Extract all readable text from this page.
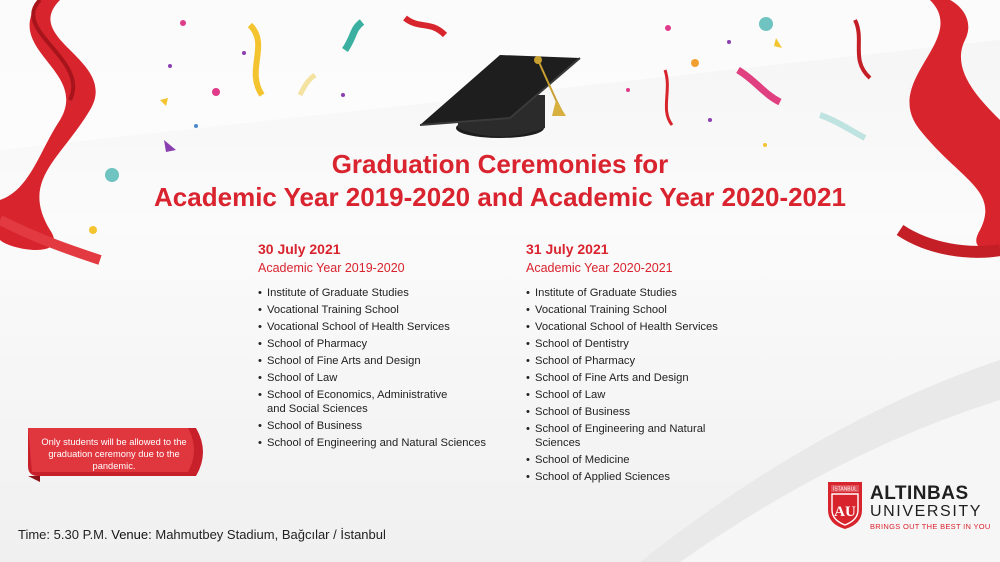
Graduation Ceremonies for
Academic Year 2019-2020 and Academic Year 2020-2021

30 July 2021

Academic Year 2019-2020

• Institute of Graduate Studies
• Vocational Training School
• Vocational School of Health Services
• School of Pharmacy
• School of Fine Arts and Design
• School of Law
• School of Economics, Administrative and Social Sciences
• School of Business
• School of Engineering and Natural Sciences

31 July 2021

Academic Year 2020-2021

• Institute of Graduate Studies
• Vocational Training School
• Vocational School of Health Services
• School of Dentistry
• School of Pharmacy
• School of Fine Arts and Design
• School of Law
• School of Business
• School of Engineering and Natural Sciences
• School of Medicine
• School of Applied Sciences
Only students will be allowed to the graduation ceremony due to the pandemic.
Time: 5.30 P.M. Venue: Mahmutbey Stadium, Bağcılar / İstanbul
İSTANBUL
AU
ALTINBAS
UNIVERSITY
BRINGS OUT THE BEST IN YOU
